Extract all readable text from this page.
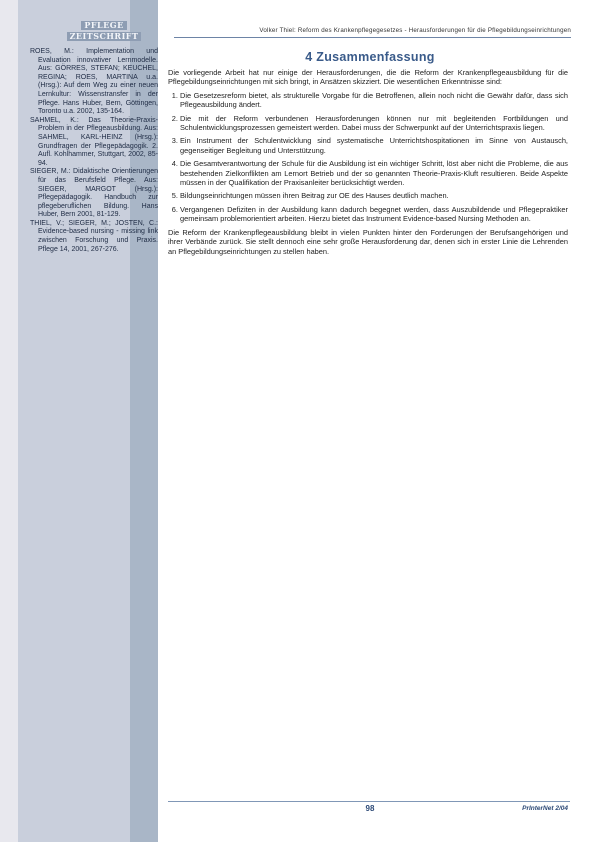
PFLEGE
ZEITSCHRIFT
ROES, M.: Implementation und Evaluation innovativer Lernmodelle. Aus: GÖRRES, STEFAN; KEUCHEL, REGINA; ROES, MARTINA u.a. (Hrsg.): Auf dem Weg zu einer neuen Lernkultur: Wissenstransfer in der Pflege. Hans Huber, Bern, Göttingen, Toronto u.a. 2002, 135-164.
SAHMEL, K.: Das Theorie-Praxis-Problem in der Pflegeausbildung. Aus: SAHMEL, KARL-HEINZ (Hrsg.): Grundfragen der Pflegepädagogik. 2. Aufl. Kohlhammer, Stuttgart, 2002, 85-94.
SIEGER, M.: Didaktische Orientierungen für das Berufsfeld Pflege. Aus: SIEGER, MARGOT (Hrsg.): Pflegepädagogik. Handbuch zur pflegeberuflichen Bildung. Hans Huber, Bern 2001, 81-129.
THIEL, V.; SIEGER, M.; JOSTEN, C.: Evidence-based nursing - missing link zwischen Forschung und Praxis. Pflege 14, 2001, 267-276.
Volker Thiel: Reform des Krankenpflegegesetzes - Herausforderungen für die Pflegebildungseinrichtungen
4 Zusammenfassung

Die vorliegende Arbeit hat nur einige der Herausforderungen, die die Reform der Krankenpflegeausbildung für die Pflegebildungseinrichtungen mit sich bringt, in Ansätzen skizziert. Die wesentlichen Erkenntnisse sind:

1. Die Gesetzesreform bietet, als strukturelle Vorgabe für die Betroffenen, allein noch nicht die Gewähr dafür, dass sich Pflegeausbildung ändert.
2. Die mit der Reform verbundenen Herausforderungen können nur mit begleitenden Fortbildungen und Schulentwicklungsprozessen gemeistert werden. Dabei muss der Schwerpunkt auf der Unterrichtspraxis liegen.
3. Ein Instrument der Schulentwicklung sind systematische Unterrichtshospitationen im Sinne von Austausch, gegenseitiger Begleitung und Unterstützung.
4. Die Gesamtverantwortung der Schule für die Ausbildung ist ein wichtiger Schritt, löst aber nicht die Probleme, die aus bestehenden Zielkonflikten am Lernort Betrieb und der so genannten Theorie-Praxis-Kluft resultieren. Beide Aspekte müssen in der Qualifikation der Praxisanleiter berücksichtigt werden.
5. Bildungseinrichtungen müssen ihren Beitrag zur OE des Hauses deutlich machen.
6. Vergangenen Defiziten in der Ausbildung kann dadurch begegnet werden, dass Auszubildende und Pflegepraktiker gemeinsam problemorientiert arbeiten. Hierzu bietet das Instrument Evidence-based Nursing Methoden an.

Die Reform der Krankenpflegeausbildung bleibt in vielen Punkten hinter den Forderungen der Berufsangehörigen und ihrer Verbände zurück. Sie stellt dennoch eine sehr große Herausforderung dar, denen sich in erster Linie die Lehrenden an Pflegebildungseinrichtungen zu stellen haben.

98	PrInterNet 2/04
